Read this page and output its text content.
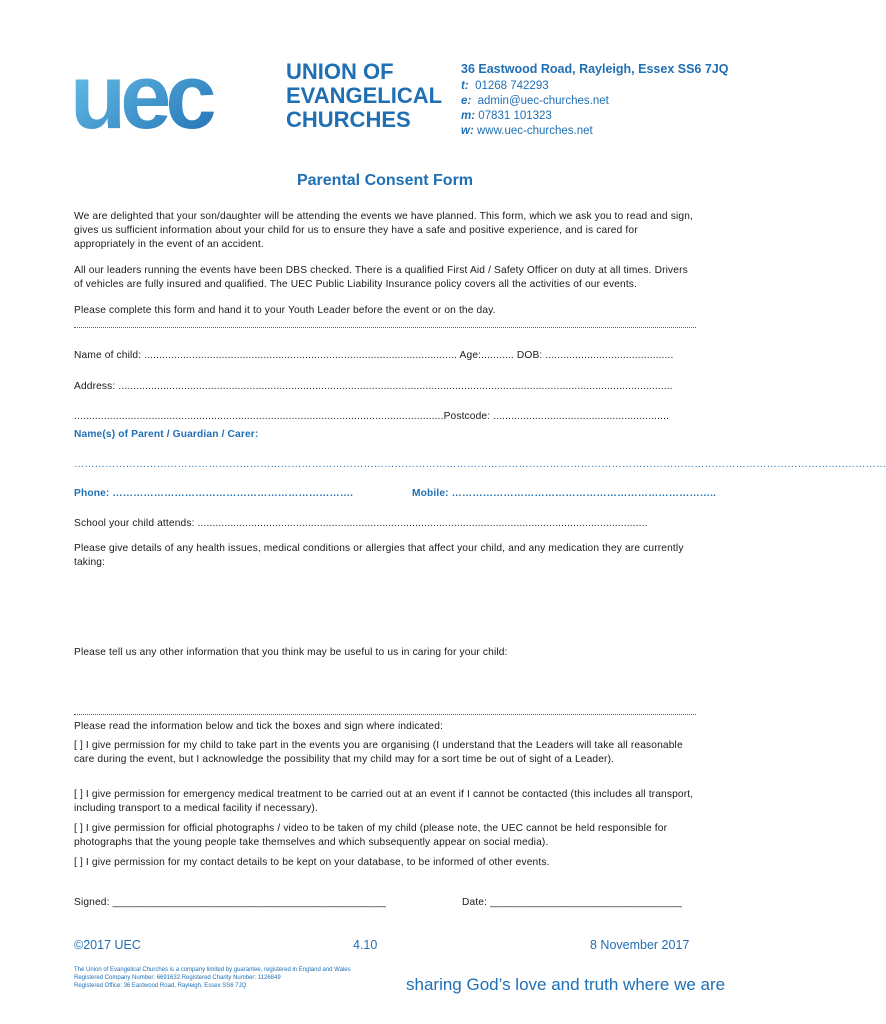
uec	UNION OF
EVANGELICAL
CHURCHES
36 Eastwood Road, Rayleigh, Essex SS6 7JQ
t: 01268 742293
e: admin@uec-churches.net
m: 07831 101323
w: www.uec-churches.net
Parental Consent Form
We are delighted that your son/daughter will be attending the events we have planned. This form, which we ask you to read and sign, gives us sufficient information about your child for us to ensure they have a safe and positive experience, and is cared for appropriately in the event of an accident.
All our leaders running the events have been DBS checked. There is a qualified First Aid / Safety Officer on duty at all times. Drivers of vehicles are fully insured and qualified. The UEC Public Liability Insurance policy covers all the activities of our events.
Please complete this form and hand it to your Youth Leader before the event or on the day.
Name of child: ......................................................................................................... Age:........... DOB: ...........................................
Address: ..........................................................................................................................................................................................
............................................................................................................................Postcode: ...........................................................
Name(s) of Parent / Guardian / Carer:
…………………………………………………………………………………………………………………………………………………………………………………………………..……………
Phone: …………………………………………………………….	Mobile: …………………………………………………………………..
School your child attends: .......................................................................................................................................................
Please give details of any health issues, medical conditions or allergies that affect your child, and any medication they are currently taking:
Please tell us any other information that you think may be useful to us in caring for your child:
Please read the information below and tick the boxes and sign where indicated:
[ ] I give permission for my child to take part in the events you are organising (I understand that the Leaders will take all reasonable care during the event, but I acknowledge the possibility that my child may for a sort time be out of sight of a Leader).
[ ] I give permission for emergency medical treatment to be carried out at an event if I cannot be contacted (this includes all transport, including transport to a medical facility if necessary).
[ ] I give permission for official photographs / video to be taken of my child (please note, the UEC cannot be held responsible for photographs that the young people take themselves and which subsequently appear on social media).
[ ] I give permission for my contact details to be kept on your database, to be informed of other events.
Signed: _______________________________________________	Date: _________________________________
©2017 UEC	4.10	8 November 2017
The Union of Evangelical Churches is a company limited by guarantee, registered in England and Wales
Registered Company Number: 6691632 Registered Charity Number: 1126849
Registered Office: 36 Eastwood Road, Rayleigh, Essex SS6 7JQ	sharing God’s love and truth where we are
